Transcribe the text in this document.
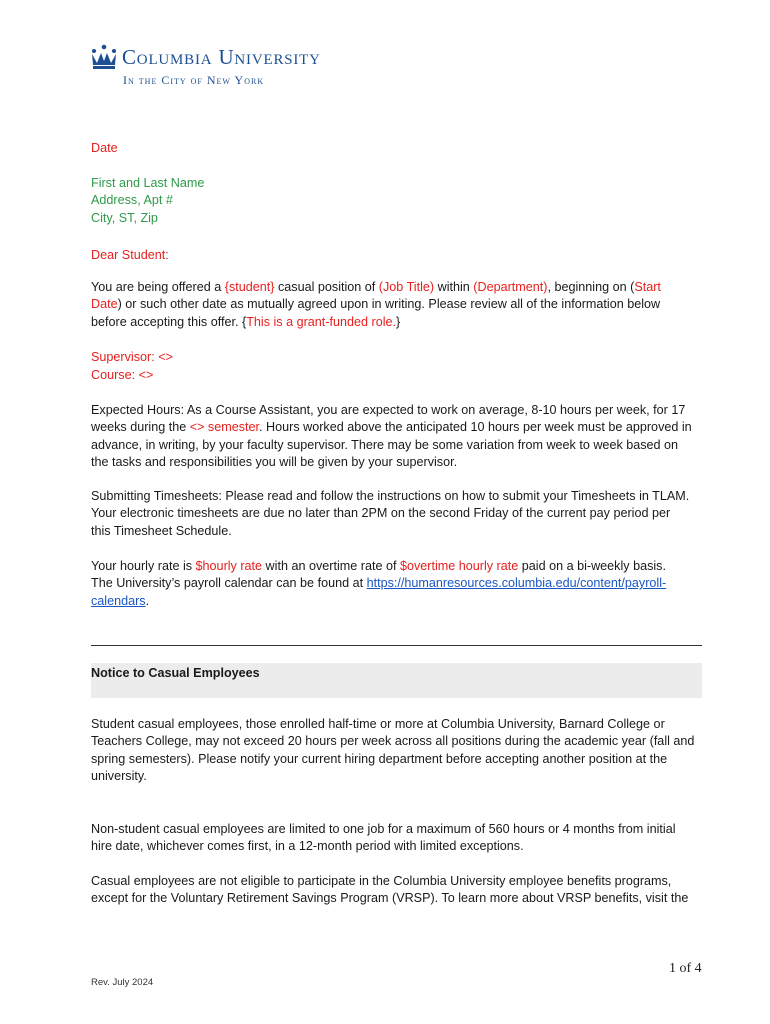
Columbia University
In the City of New York
Date
First and Last Name
Address, Apt #
City, ST, Zip
Dear Student:
You are being offered a {student} casual position of (Job Title) within (Department), beginning on (Start
Date) or such other date as mutually agreed upon in writing. Please review all of the information below
before accepting this offer. {This is a grant-funded role.}
Supervisor: <>
Course: <>
Expected Hours: As a Course Assistant, you are expected to work on average, 8-10 hours per week, for 17
weeks during the <> semester. Hours worked above the anticipated 10 hours per week must be approved in
advance, in writing, by your faculty supervisor. There may be some variation from week to week based on
the tasks and responsibilities you will be given by your supervisor.
Submitting Timesheets: Please read and follow the instructions on how to submit your Timesheets in TLAM.
Your electronic timesheets are due no later than 2PM on the second Friday of the current pay period per
this Timesheet Schedule.
Your hourly rate is $hourly rate with an overtime rate of $overtime hourly rate paid on a bi-weekly basis.
The University’s payroll calendar can be found at https://humanresources.columbia.edu/content/payroll-
calendars.
Notice to Casual Employees
Student casual employees, those enrolled half-time or more at Columbia University, Barnard College or
Teachers College, may not exceed 20 hours per week across all positions during the academic year (fall and
spring semesters). Please notify your current hiring department before accepting another position at the
university.
Non-student casual employees are limited to one job for a maximum of 560 hours or 4 months from initial
hire date, whichever comes first, in a 12-month period with limited exceptions.
Casual employees are not eligible to participate in the Columbia University employee benefits programs,
except for the Voluntary Retirement Savings Program (VRSP). To learn more about VRSP benefits, visit the
1 of 4
Rev. July 2024
